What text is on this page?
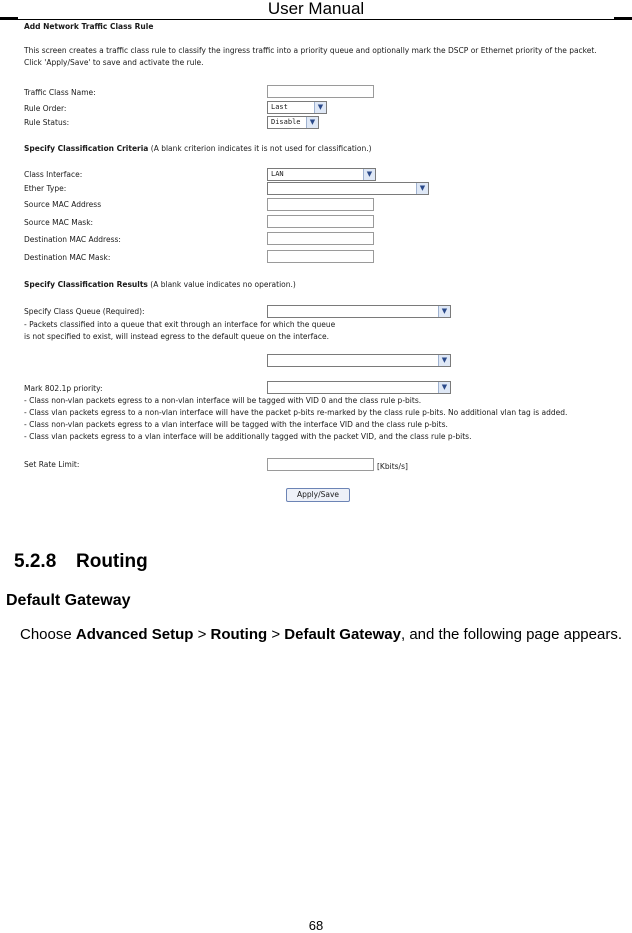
User Manual
Add Network Traffic Class Rule
This screen creates a traffic class rule to classify the ingress traffic into a priority queue and optionally mark the DSCP or Ethernet priority of the packet.
Click 'Apply/Save' to save and activate the rule.
Traffic Class Name:
Rule Order:	Last	▼
Rule Status:	Disable	▼
Specify Classification Criteria (A blank criterion indicates it is not used for classification.)
Class Interface:	LAN	▼
Ether Type:	▼
Source MAC Address
Source MAC Mask:
Destination MAC Address:
Destination MAC Mask:
Specify Classification Results (A blank value indicates no operation.)
Specify Class Queue (Required):	▼
- Packets classified into a queue that exit through an interface for which the queue
is not specified to exist, will instead egress to the default queue on the interface.
▼
Mark 802.1p priority:	▼
- Class non-vlan packets egress to a non-vlan interface will be tagged with VID 0 and the class rule p-bits.
- Class vlan packets egress to a non-vlan interface will have the packet p-bits re-marked by the class rule p-bits. No additional vlan tag is added.
- Class non-vlan packets egress to a vlan interface will be tagged with the interface VID and the class rule p-bits.
- Class vlan packets egress to a vlan interface will be additionally tagged with the packet VID, and the class rule p-bits.
Set Rate Limit:	[Kbits/s]
Apply/Save
5.2.8 Routing
Default Gateway
Choose Advanced Setup > Routing > Default Gateway, and the following page appears.
68
